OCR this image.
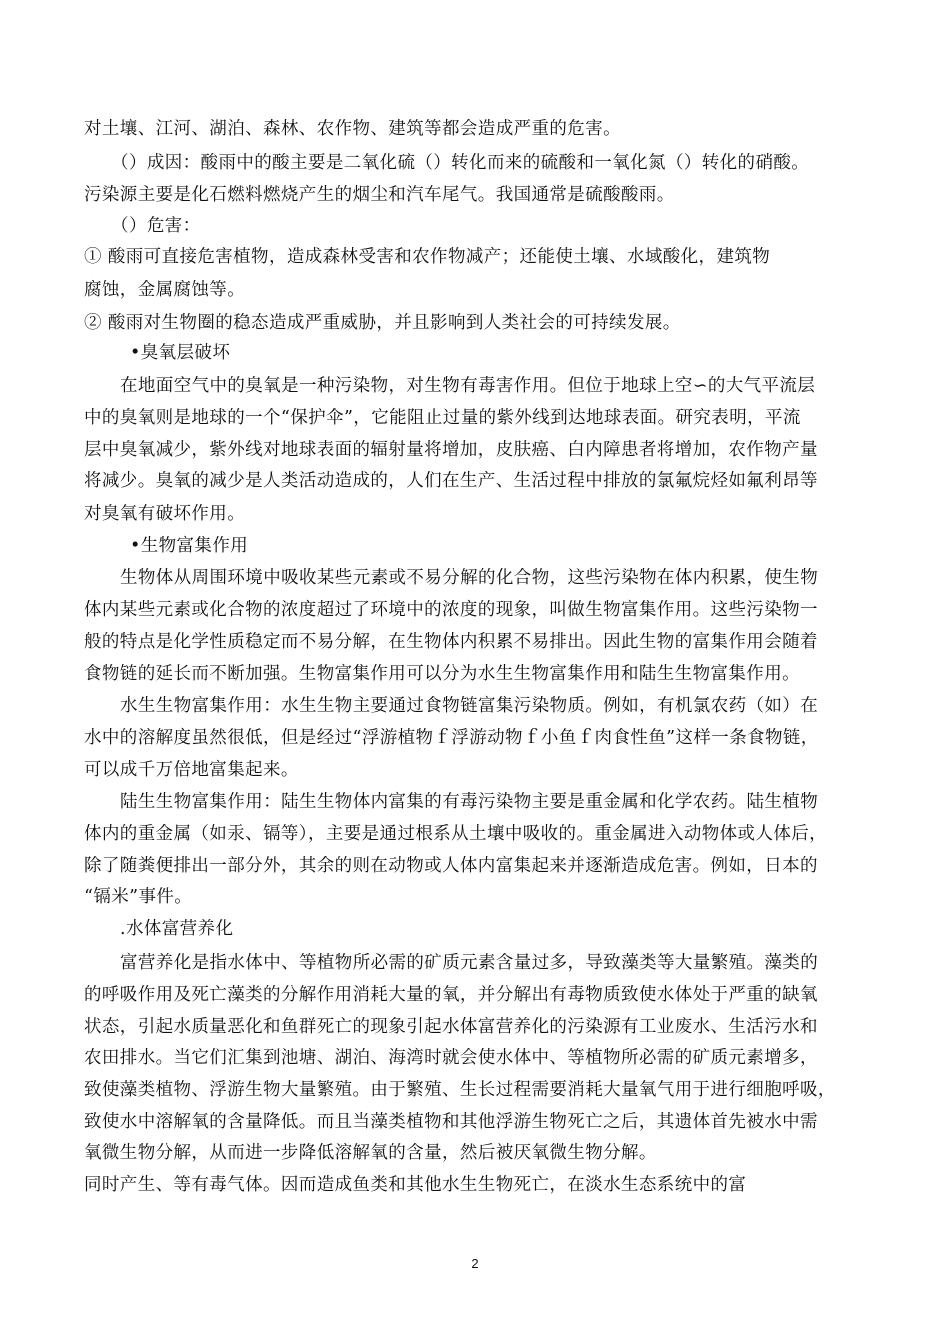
对土壤、江河、湖泊、森林、农作物、建筑等都会造成严重的危害。
　　（）成因：酸雨中的酸主要是二氧化硫（）转化而来的硫酸和一氧化氮（）转化的硝酸。
污染源主要是化石燃料燃烧产生的烟尘和汽车尾气。我国通常是硫酸酸雨。
　　（）危害：
① 酸雨可直接危害植物，造成森林受害和农作物减产；还能使土壤、水域酸化，建筑物
腐蚀，金属腐蚀等。
② 酸雨对生物圈的稳态造成严重威胁，并且影响到人类社会的可持续发展。
•臭氧层破坏
在地面空气中的臭氧是一种污染物，对生物有毒害作用。但位于地球上空∽的大气平流层
中的臭氧则是地球的一个“保护伞”，它能阻止过量的紫外线到达地球表面。研究表明，平流
层中臭氧减少，紫外线对地球表面的辐射量将增加，皮肤癌、白内障患者将增加，农作物产量
将减少。臭氧的减少是人类活动造成的，人们在生产、生活过程中排放的氯氟烷烃如氟利昂等
对臭氧有破坏作用。
•生物富集作用
生物体从周围环境中吸收某些元素或不易分解的化合物，这些污染物在体内积累，使生物
体内某些元素或化合物的浓度超过了环境中的浓度的现象，叫做生物富集作用。这些污染物一
般的特点是化学性质稳定而不易分解，在生物体内积累不易排出。因此生物的富集作用会随着
食物链的延长而不断加强。生物富集作用可以分为水生生物富集作用和陆生生物富集作用。
水生生物富集作用：水生生物主要通过食物链富集污染物质。例如，有机氯农药（如）在
水中的溶解度虽然很低，但是经过“浮游植物ｆ浮游动物ｆ小鱼ｆ肉食性鱼”这样一条食物链，
可以成千万倍地富集起来。
陆生生物富集作用：陆生生物体内富集的有毒污染物主要是重金属和化学农药。陆生植物
体内的重金属（如汞、镉等），主要是通过根系从土壤中吸收的。重金属进入动物体或人体后，
除了随粪便排出一部分外，其余的则在动物或人体内富集起来并逐渐造成危害。例如，日本的
“镉米”事件。
.水体富营养化
富营养化是指水体中、等植物所必需的矿质元素含量过多，导致藻类等大量繁殖。藻类的
的呼吸作用及死亡藻类的分解作用消耗大量的氧，并分解出有毒物质致使水体处于严重的缺氧
状态，引起水质量恶化和鱼群死亡的现象引起水体富营养化的污染源有工业废水、生活污水和
农田排水。当它们汇集到池塘、湖泊、海湾时就会使水体中、等植物所必需的矿质元素增多，
致使藻类植物、浮游生物大量繁殖。由于繁殖、生长过程需要消耗大量氧气用于进行细胞呼吸，
致使水中溶解氧的含量降低。而且当藻类植物和其他浮游生物死亡之后，其遗体首先被水中需
氧微生物分解，从而进一步降低溶解氧的含量，然后被厌氧微生物分解。
同时产生、等有毒气体。因而造成鱼类和其他水生生物死亡，在淡水生态系统中的富
2
